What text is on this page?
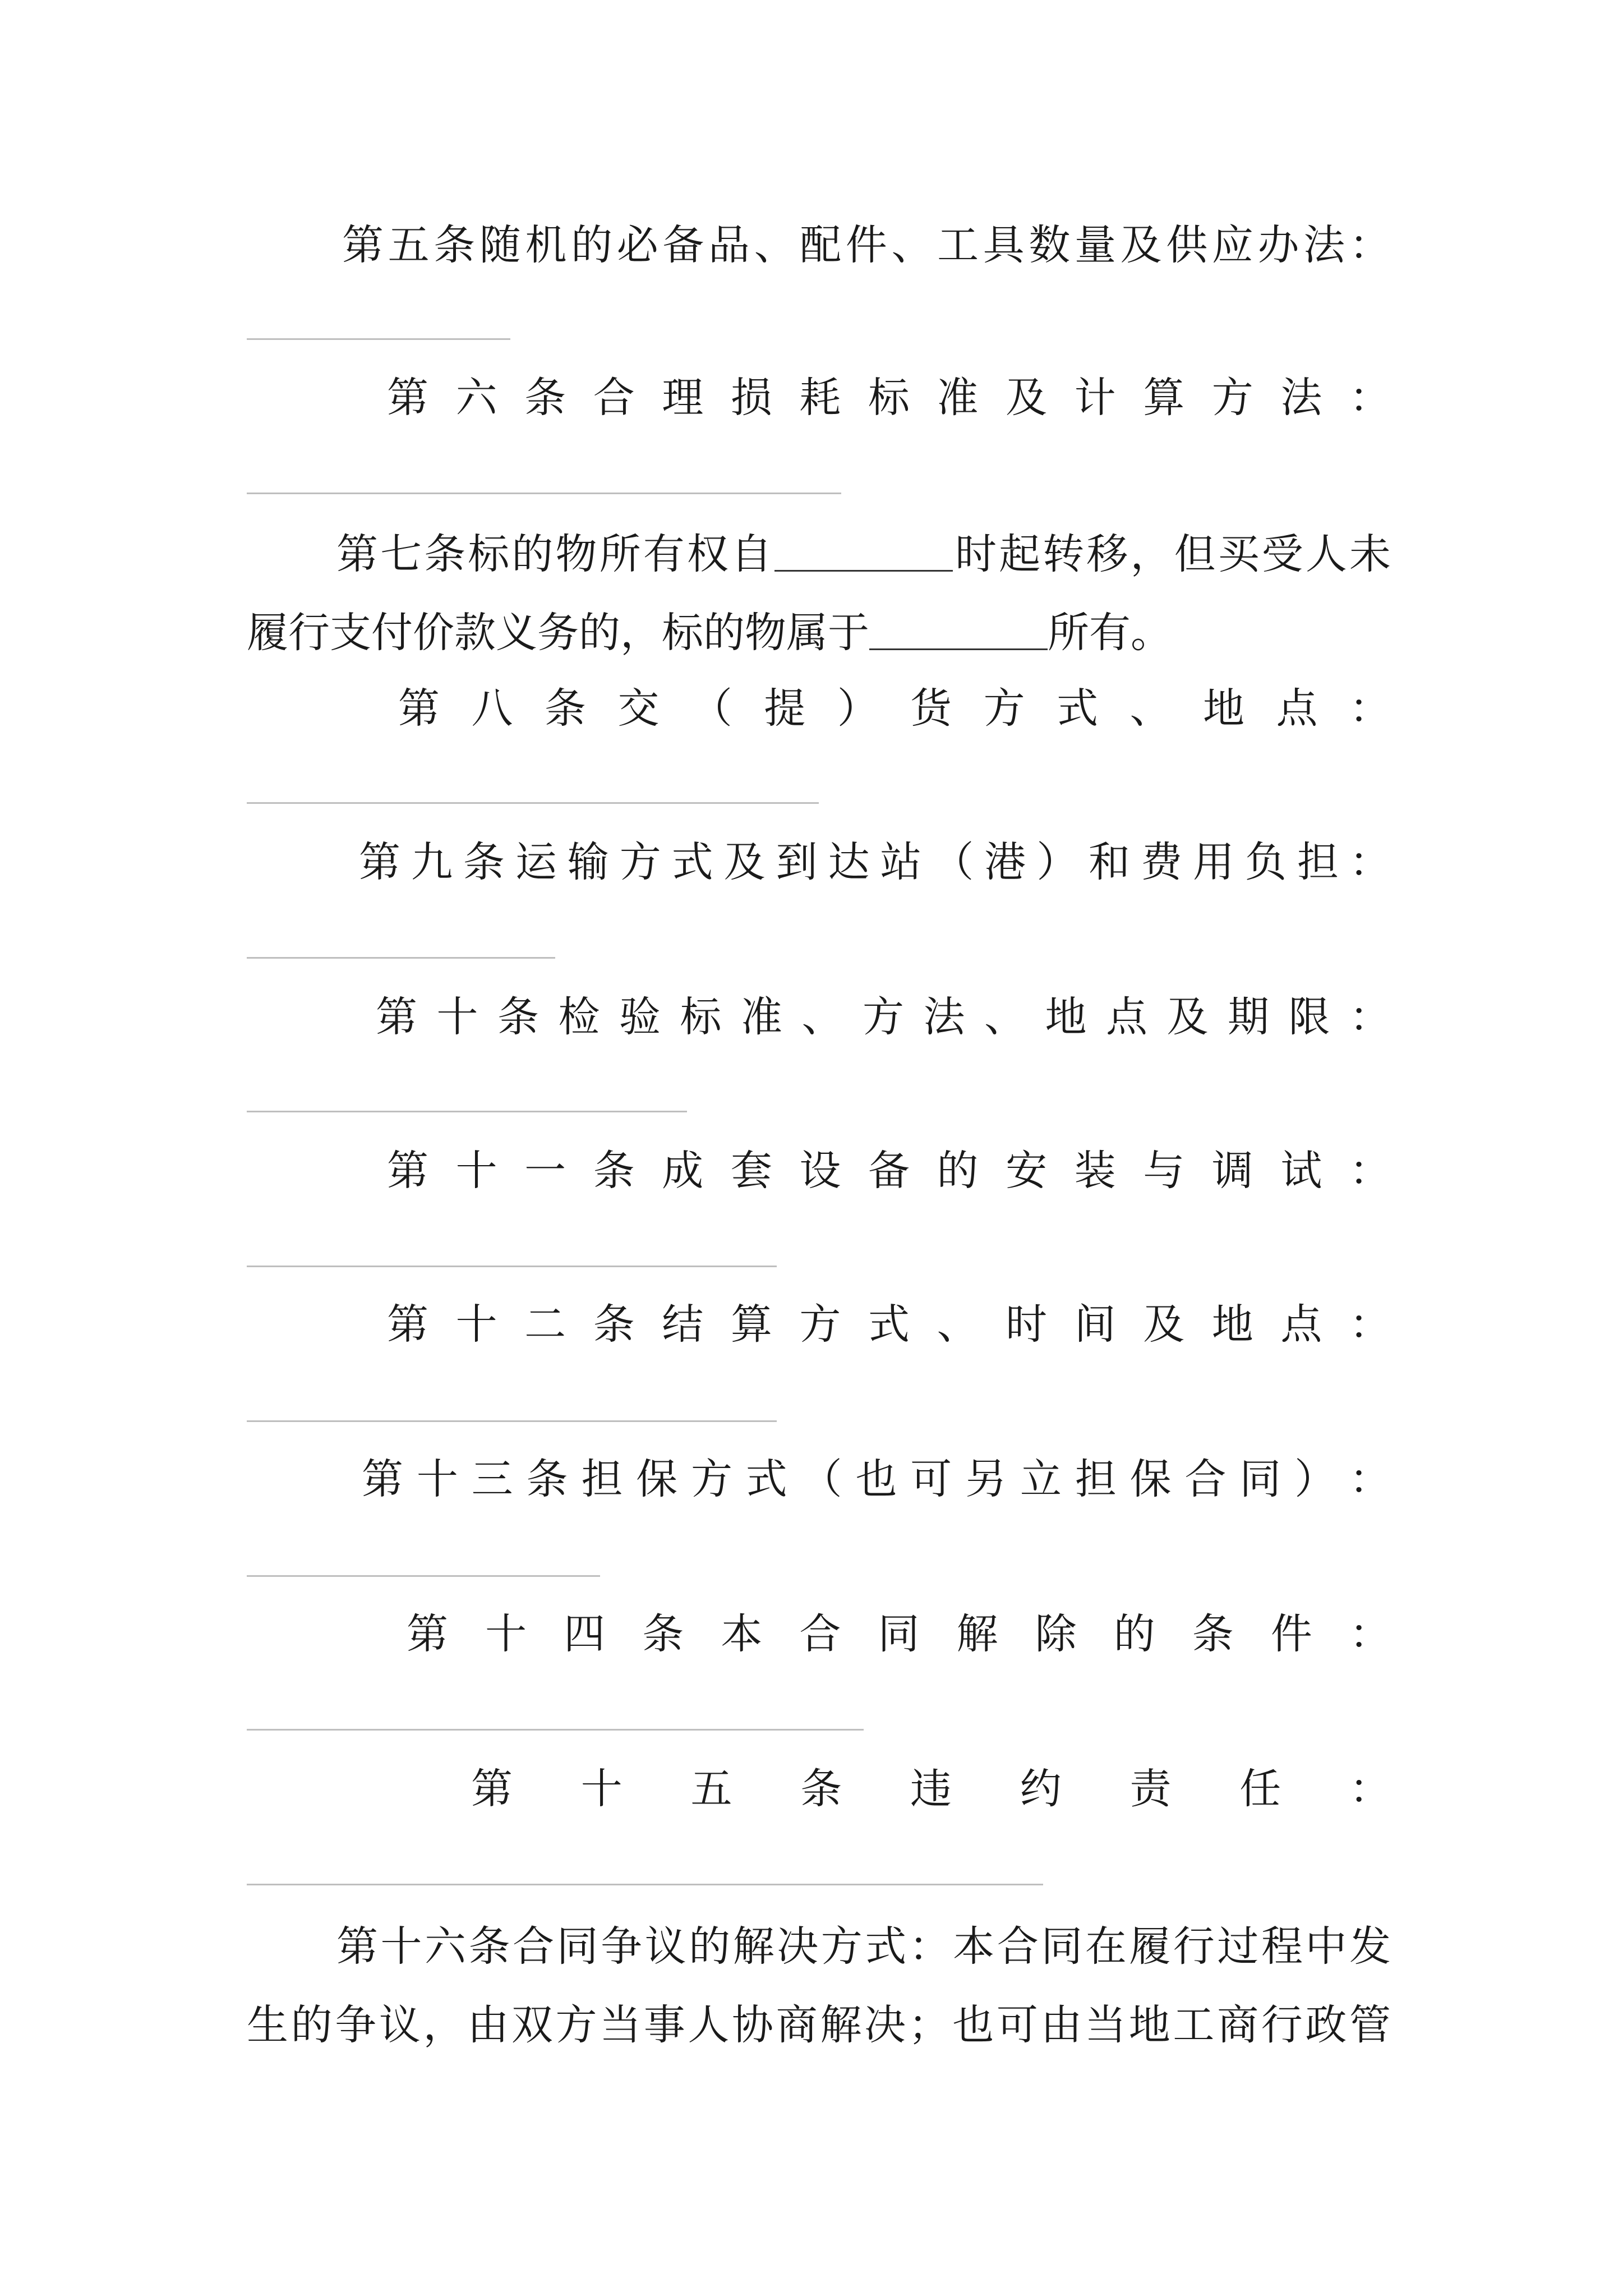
第 五 条 随 机 的 必 备 品 、 配 件 、 工 具 数 量 及 供 应 办 法 ：
第 六 条 合 理 损 耗 标 准 及 计 算 方 法 ：
第七条标的物所有权自	时起转移，但买受人未
履行支付价款义务的，标的物属于	所有。
第 八 条 交 （ 提 ） 货 方 式 、 地 点 ：
第 九 条 运 输 方 式 及 到 达 站 （ 港 ） 和 费 用 负 担 ：
第 十 条 检 验 标 准 、 方 法 、 地 点 及 期 限 ：
第 十 一 条 成 套 设 备 的 安 装 与 调 试 ：
第 十 二 条 结 算 方 式 、 时 间 及 地 点 ：
第 十 三 条 担 保 方 式 （ 也 可 另 立 担 保 合 同 ） ：
第 十 四 条 本 合 同 解 除 的 条 件 ：
第 十 五 条 违 约 责 任 ：
第十六条合同争议的解决方式：本合同在履行过程中发
生的争议，由双方当事人协商解决；也可由当地工商行政管
